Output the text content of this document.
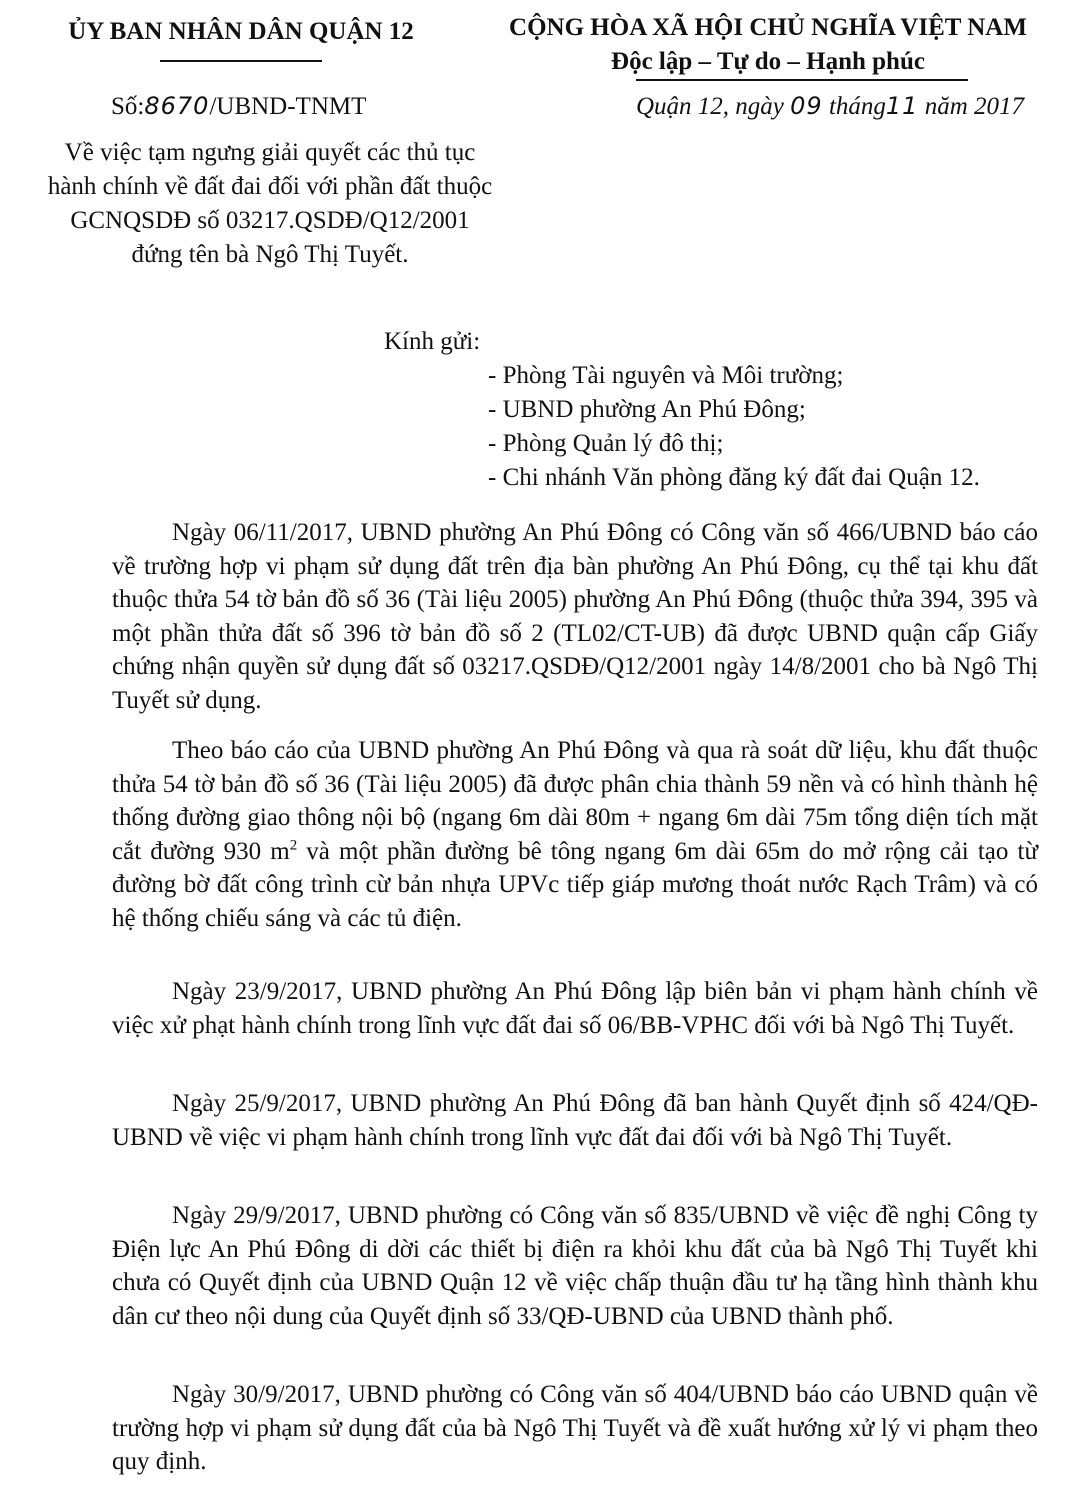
ỦY BAN NHÂN DÂN QUẬN 12	CỘNG HÒA XÃ HỘI CHỦ NGHĨA VIỆT NAM
Độc lập – Tự do – Hạnh phúc
Số:8670/UBND-TNMT	Quận 12, ngày 09 tháng11 năm 2017
Về việc tạm ngưng giải quyết các thủ tục
hành chính về đất đai đối với phần đất thuộc
GCNQSDĐ số 03217.QSDĐ/Q12/2001
đứng tên bà Ngô Thị Tuyết.
Kính gửi:
- Phòng Tài nguyên và Môi trường;
- UBND phường An Phú Đông;
- Phòng Quản lý đô thị;
- Chi nhánh Văn phòng đăng ký đất đai Quận 12.

Ngày 06/11/2017, UBND phường An Phú Đông có Công văn số 466/UBND báo cáo về trường hợp vi phạm sử dụng đất trên địa bàn phường An Phú Đông, cụ thể tại khu đất thuộc thửa 54 tờ bản đồ số 36 (Tài liệu 2005) phường An Phú Đông (thuộc thửa 394, 395 và một phần thửa đất số 396 tờ bản đồ số 2 (TL02/CT-UB) đã được UBND quận cấp Giấy chứng nhận quyền sử dụng đất số 03217.QSDĐ/Q12/2001 ngày 14/8/2001 cho bà Ngô Thị Tuyết sử dụng.

Theo báo cáo của UBND phường An Phú Đông và qua rà soát dữ liệu, khu đất thuộc thửa 54 tờ bản đồ số 36 (Tài liệu 2005) đã được phân chia thành 59 nền và có hình thành hệ thống đường giao thông nội bộ (ngang 6m dài 80m + ngang 6m dài 75m tổng diện tích mặt cắt đường 930 $m^2$ và một phần đường bê tông ngang 6m dài 65m do mở rộng cải tạo từ đường bờ đất công trình cừ bản nhựa UPVc tiếp giáp mương thoát nước Rạch Trâm) và có hệ thống chiếu sáng và các tủ điện.

Ngày 23/9/2017, UBND phường An Phú Đông lập biên bản vi phạm hành chính về việc xử phạt hành chính trong lĩnh vực đất đai số 06/BB-VPHC đối với bà Ngô Thị Tuyết.

Ngày 25/9/2017, UBND phường An Phú Đông đã ban hành Quyết định số 424/QĐ-UBND về việc vi phạm hành chính trong lĩnh vực đất đai đối với bà Ngô Thị Tuyết.

Ngày 29/9/2017, UBND phường có Công văn số 835/UBND về việc đề nghị Công ty Điện lực An Phú Đông di dời các thiết bị điện ra khỏi khu đất của bà Ngô Thị Tuyết khi chưa có Quyết định của UBND Quận 12 về việc chấp thuận đầu tư hạ tầng hình thành khu dân cư theo nội dung của Quyết định số 33/QĐ-UBND của UBND thành phố.

Ngày 30/9/2017, UBND phường có Công văn số 404/UBND báo cáo UBND quận về trường hợp vi phạm sử dụng đất của bà Ngô Thị Tuyết và đề xuất hướng xử lý vi phạm theo quy định.
